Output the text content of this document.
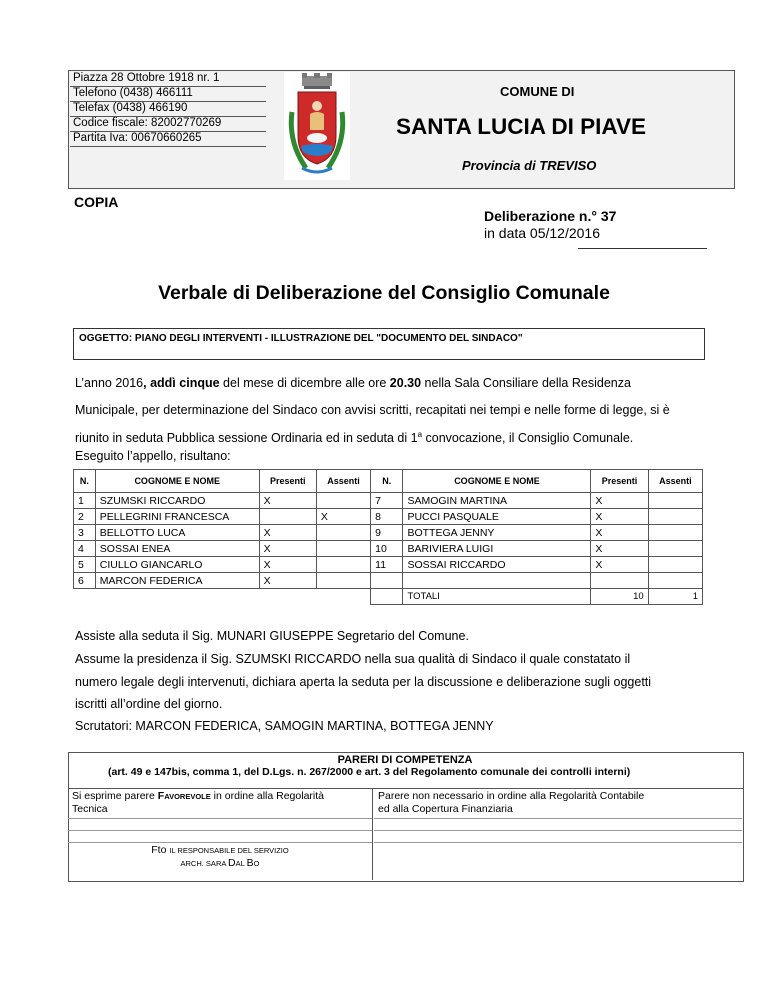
Piazza 28 Ottobre 1918 nr. 1
Telefono (0438) 466111
Telefax (0438) 466190
Codice fiscale: 82002770269
Partita Iva: 00670660265
COMUNE DI
SANTA LUCIA DI PIAVE
Provincia di TREVISO
COPIA
Deliberazione n.° 37
in data 05/12/2016
Verbale di Deliberazione del Consiglio Comunale
OGGETTO: PIANO DEGLI INTERVENTI - ILLUSTRAZIONE DEL "DOCUMENTO DEL SINDACO"
L’anno 2016, addì cinque del mese di dicembre alle ore 20.30 nella Sala Consiliare della Residenza
Municipale, per determinazione del Sindaco con avvisi scritti, recapitati nei tempi e nelle forme di legge, si è
riunito in seduta Pubblica sessione Ordinaria ed in seduta di 1$^a$ convocazione, il Consiglio Comunale.
Eseguito l’appello, risultano:
N.	COGNOME E NOME	Presenti	Assenti	N.	COGNOME E NOME	Presenti	Assenti
1	SZUMSKI RICCARDO	X		7	SAMOGIN MARTINA	X	
2	PELLEGRINI FRANCESCA		X	8	PUCCI PASQUALE	X	
3	BELLOTTO LUCA	X		9	BOTTEGA JENNY	X	
4	SOSSAI ENEA	X		10	BARIVIERA LUIGI	X	
5	CIULLO GIANCARLO	X		11	SOSSAI RICCARDO	X	
6	MARCON FEDERICA	X					
					TOTALI	10	1
Assiste alla seduta il Sig. MUNARI GIUSEPPE Segretario del Comune.
Assume la presidenza il Sig. SZUMSKI RICCARDO nella sua qualità di Sindaco il quale constatato il
numero legale degli intervenuti, dichiara aperta la seduta per la discussione e deliberazione sugli oggetti
iscritti all’ordine del giorno.
Scrutatori: MARCON FEDERICA, SAMOGIN MARTINA, BOTTEGA JENNY
PARERI DI COMPETENZA
(art. 49 e 147bis, comma 1, del D.Lgs. n. 267/2000 e art. 3 del Regolamento comunale dei controlli interni)
Si esprime parere FAVOREVOLE in ordine alla Regolarità
Tecnica
Parere non necessario in ordine alla Regolarità Contabile
ed alla Copertura Finanziaria
Fto IL RESPONSABILE DEL SERVIZIO
ARCH. SARA DAL BO
